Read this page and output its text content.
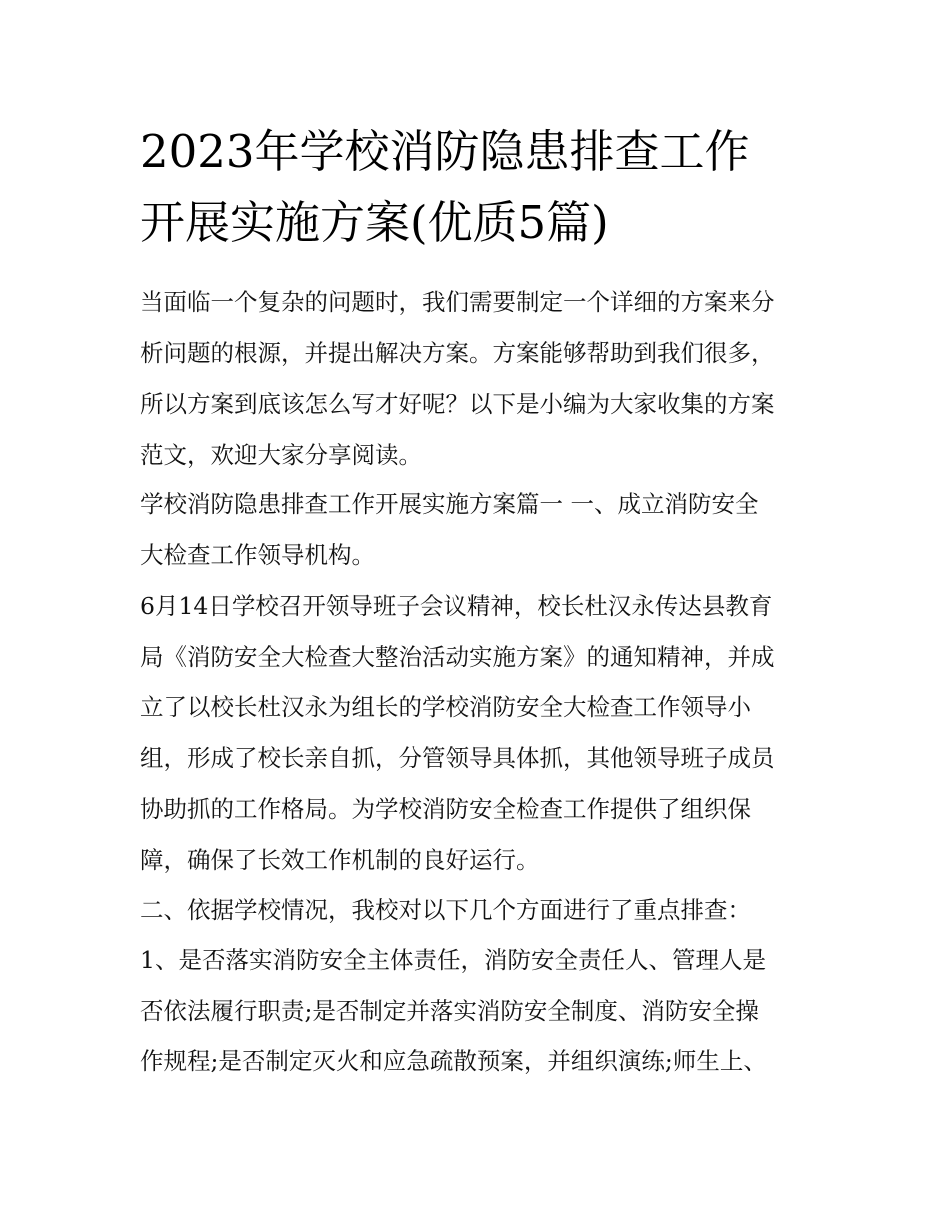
2023年学校消防隐患排查工作
开展实施方案(优质5篇)
当面临一个复杂的问题时，我们需要制定一个详细的方案来分
析问题的根源，并提出解决方案。方案能够帮助到我们很多，
所以方案到底该怎么写才好呢？以下是小编为大家收集的方案
范文，欢迎大家分享阅读。
学校消防隐患排查工作开展实施方案篇一 一、成立消防安全
大检查工作领导机构。
6月14日学校召开领导班子会议精神，校长杜汉永传达县教育
局《消防安全大检查大整治活动实施方案》的通知精神，并成
立了以校长杜汉永为组长的学校消防安全大检查工作领导小
组，形成了校长亲自抓，分管领导具体抓，其他领导班子成员
协助抓的工作格局。为学校消防安全检查工作提供了组织保
障，确保了长效工作机制的良好运行。
二、依据学校情况，我校对以下几个方面进行了重点排查：
1、是否落实消防安全主体责任，消防安全责任人、管理人是
否依法履行职责;是否制定并落实消防安全制度、消防安全操
作规程;是否制定灭火和应急疏散预案，并组织演练;师生上、
